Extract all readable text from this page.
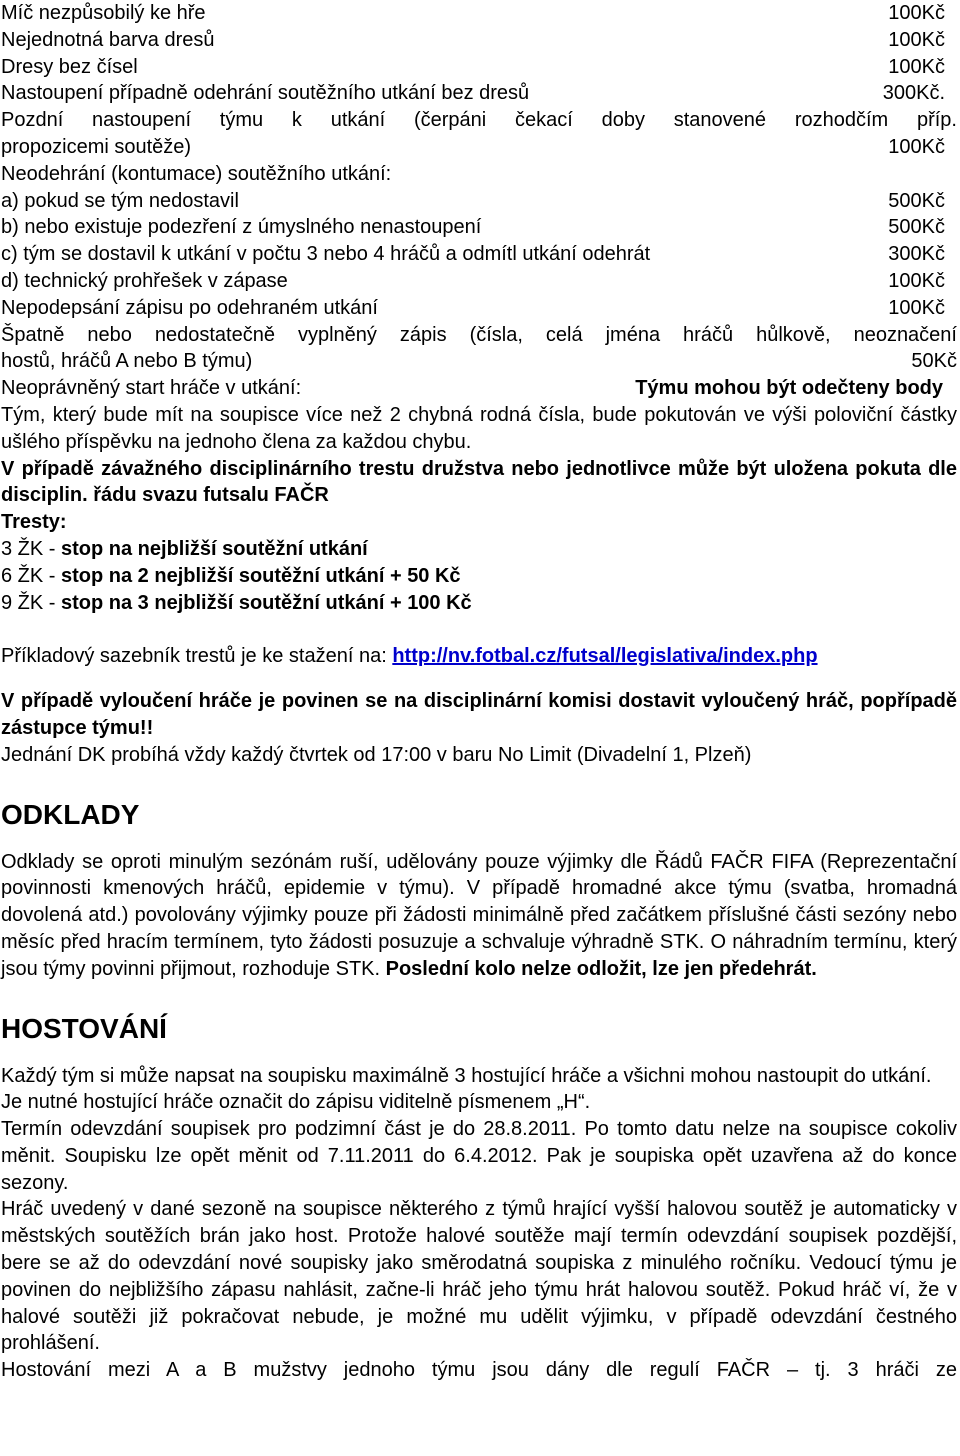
Míč nezpůsobilý ke hře	100Kč
Nejednotná barva dresů	100Kč
Dresy bez čísel	100Kč
Nastoupení případně odehrání soutěžního utkání bez dresů	300Kč.
Pozdní nastoupení týmu k utkání (čerpáni čekací doby stanovené rozhodčím příp.
propozicemi soutěže)	100Kč
Neodehrání (kontumace) soutěžního utkání:
a) pokud se tým nedostavil	500Kč
b) nebo existuje podezření z úmyslného nenastoupení	500Kč
c) tým se dostavil k utkání v počtu 3 nebo 4 hráčů a odmítl utkání odehrát	300Kč
d) technický prohřešek v zápase	100Kč
Nepodepsání zápisu po odehraném utkání	100Kč
Špatně nebo nedostatečně vyplněný zápis (čísla, celá jména hráčů hůlkově, neoznačení
hostů, hráčů A nebo B týmu)	50Kč
Neoprávněný start hráče v utkání:	Týmu mohou být odečteny body
Tým, který bude mít na soupisce více než 2 chybná rodná čísla, bude pokutován ve výši poloviční částky ušlého příspěvku na jednoho člena za každou chybu.
V případě závažného disciplinárního trestu družstva nebo jednotlivce může být uložena pokuta dle disciplin. řádu svazu futsalu FAČR
Tresty:
3 ŽK - stop na nejbližší soutěžní utkání
6 ŽK - stop na 2 nejbližší soutěžní utkání + 50 Kč
9 ŽK - stop na 3 nejbližší soutěžní utkání + 100 Kč
Příkladový sazebník trestů je ke stažení na: http://nv.fotbal.cz/futsal/legislativa/index.php
V případě vyloučení hráče je povinen se na disciplinární komisi dostavit vyloučený hráč, popřípadě zástupce týmu!!
Jednání DK probíhá vždy každý čtvrtek od 17:00 v baru No Limit (Divadelní 1, Plzeň)
ODKLADY
Odklady se oproti minulým sezónám ruší, udělovány pouze výjimky dle Řádů FAČR FIFA (Reprezentační povinnosti kmenových hráčů, epidemie v týmu). V případě hromadné akce týmu (svatba, hromadná dovolená atd.) povolovány výjimky pouze při žádosti minimálně před začátkem příslušné části sezóny nebo měsíc před hracím termínem, tyto žádosti posuzuje a schvaluje výhradně STK. O náhradním termínu, který jsou týmy povinni přijmout, rozhoduje STK. Poslední kolo nelze odložit, lze jen předehrát.
HOSTOVÁNÍ
Každý tým si může napsat na soupisku maximálně 3 hostující hráče a všichni mohou nastoupit do utkání.
Je nutné hostující hráče označit do zápisu viditelně písmenem „H“.
Termín odevzdání soupisek pro podzimní část je do 28.8.2011. Po tomto datu nelze na soupisce cokoliv měnit. Soupisku lze opět měnit od 7.11.2011 do 6.4.2012. Pak je soupiska opět uzavřena až do konce sezony.
Hráč uvedený v dané sezoně na soupisce některého z týmů hrající vyšší halovou soutěž je automaticky v městských soutěžích brán jako host. Protože halové soutěže mají termín odevzdání soupisek pozdější, bere se až do odevzdání nové soupisky jako směrodatná soupiska z minulého ročníku. Vedoucí týmu je povinen do nejbližšího zápasu nahlásit, začne-li hráč jeho týmu hrát halovou soutěž. Pokud hráč ví, že v halové soutěži již pokračovat nebude, je možné mu udělit výjimku, v případě odevzdání čestného prohlášení.
Hostování mezi A a B mužstvy jednoho týmu jsou dány dle regulí FAČR – tj. 3 hráči ze
